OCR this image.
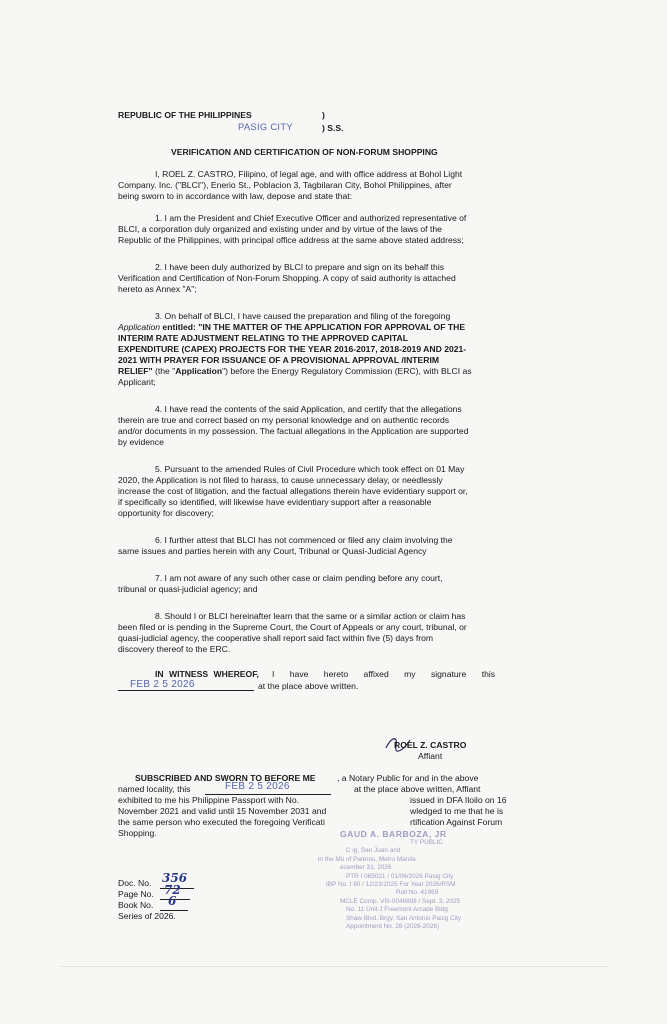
REPUBLIC OF THE PHILIPPINES	)
PASIG CITY	) S.S.
VERIFICATION AND CERTIFICATION OF NON-FORUM SHOPPING
I, ROEL Z. CASTRO, Filipino, of legal age, and with office address at Bohol Light
Company. Inc. ("BLCI"), Enerio St., Poblacion 3, Tagbilaran City, Bohol Philippines, after
being sworn to in accordance with law, depose and state that:
1. I am the President and Chief Executive Officer and authorized representative of
BLCI, a corporation duly organized and existing under and by virtue of the laws of the
Republic of the Philippines, with principal office address at the same above stated address;
2. I have been duly authorized by BLCI to prepare and sign on its behalf this
Verification and Certification of Non-Forum Shopping. A copy of said authority is attached
hereto as Annex "A";
3. On behalf of BLCI, I have caused the preparation and filing of the foregoing
Application entitled: "IN THE MATTER OF THE APPLICATION FOR APPROVAL OF THE
INTERIM RATE ADJUSTMENT RELATING TO THE APPROVED CAPITAL
EXPENDITURE (CAPEX) PROJECTS FOR THE YEAR 2016-2017, 2018-2019 AND 2021-
2021 WITH PRAYER FOR ISSUANCE OF A PROVISIONAL APPROVAL /INTERIM
RELIEF" (the "Application") before the Energy Regulatory Commission (ERC), with BLCI as
Applicant;
4. I have read the contents of the said Application, and certify that the allegations
therein are true and correct based on my personal knowledge and on authentic records
and/or documents in my possession. The factual allegations in the Application are supported
by evidence
5. Pursuant to the amended Rules of Civil Procedure which took effect on 01 May
2020, the Application is not filed to harass, to cause unnecessary delay, or needlessly
increase the cost of litigation, and the factual allegations therein have evidentiary support or,
if specifically so identified, will likewise have evidentiary support after a reasonable
opportunity for discovery;
6. I further attest that BLCI has not commenced or filed any claim involving the
same issues and parties herein with any Court, Tribunal or Quasi-Judicial Agency
7. I am not aware of any such other case or claim pending before any court,
tribunal or quasi-judicial agency; and
8. Should I or BLCI hereinafter learn that the same or a similar action or claim has
been filed or is pending in the Supreme Court, the Court of Appeals or any court, tribunal, or
quasi-judicial agency, the cooperative shall report said fact within five (5) days from
discovery thereof to the ERC.
IN WITNESS WHEREOF, I have hereto affixed my signature this
FEB 2 5 2026	at the place above written.
ROEL Z. CASTRO
Affiant
SUBSCRIBED AND SWORN TO BEFORE ME	, a Notary Public for and in the above
named locality, this	FEB 2 5 2026	at the place above written, Affiant
exhibited to me his Philippine Passport with No.	issued in DFA Iloilo on 16
November 2021 and valid until 15 November 2031 and	wledged to me that he is
the same person who executed the foregoing Verificati	rtification Against Forum
Shopping.	GAUD A. BARBOZA, JR
TY PUBLIC
C ig, San Juan and
in the Mu of Pateros, Metro Manila
ecember 31, 2026
PTR I 065021 / 01/06/2026 Pasig City
IBP No. I 80 / 12/23/2025 For Year 2026/RSM
Roll No. 41969
MCLE Comp. VIII-0046808 / Sept. 3, 2025
No. 11 Unit J Freemont Arcade Bldg
Shaw Blvd. Brgy. San Antonio Pasig City
Appointment No. 28 (2026-2026)
Doc. No. 356
Page No. 72
Book No. 6
Series of 2026.
